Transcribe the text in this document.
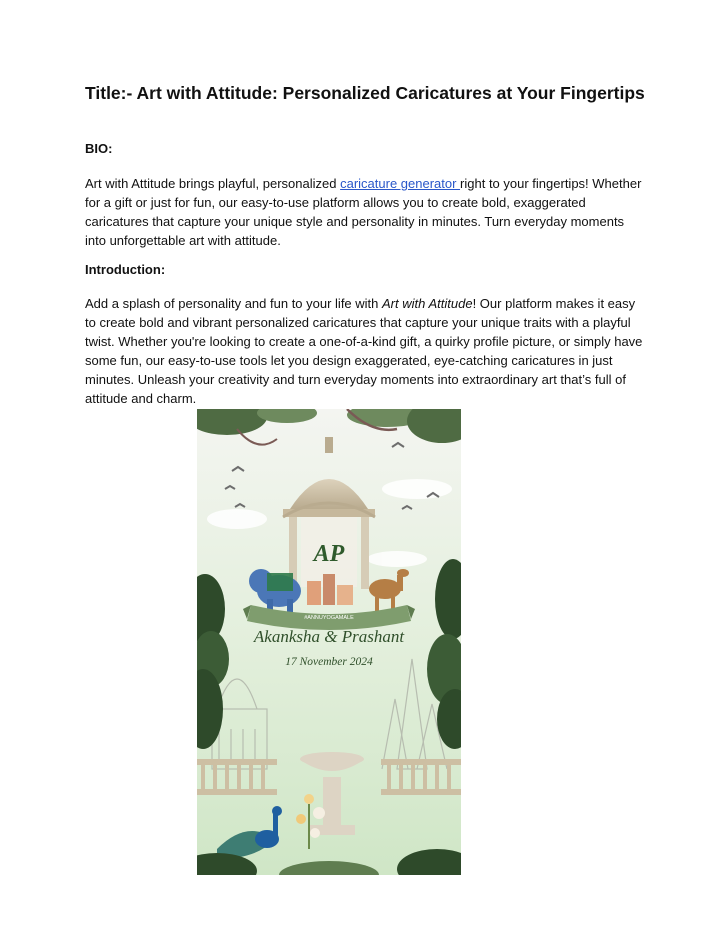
Title:- Art with Attitude: Personalized Caricatures at Your Fingertips
BIO:
Art with Attitude brings playful, personalized caricature generator right to your fingertips! Whether for a gift or just for fun, our easy-to-use platform allows you to create bold, exaggerated caricatures that capture your unique style and personality in minutes. Turn everyday moments into unforgettable art with attitude.
Introduction:
Add a splash of personality and fun to your life with Art with Attitude! Our platform makes it easy to create bold and vibrant personalized caricatures that capture your unique traits with a playful twist. Whether you're looking to create a one-of-a-kind gift, a quirky profile picture, or simply have some fun, our easy-to-use tools let you design exaggerated, eye-catching caricatures in just minutes. Unleash your creativity and turn everyday moments into extraordinary art that’s full of attitude and charm.
AP
#ANNUYOGAMALE
Akanksha & Prashant
17 November 2024
